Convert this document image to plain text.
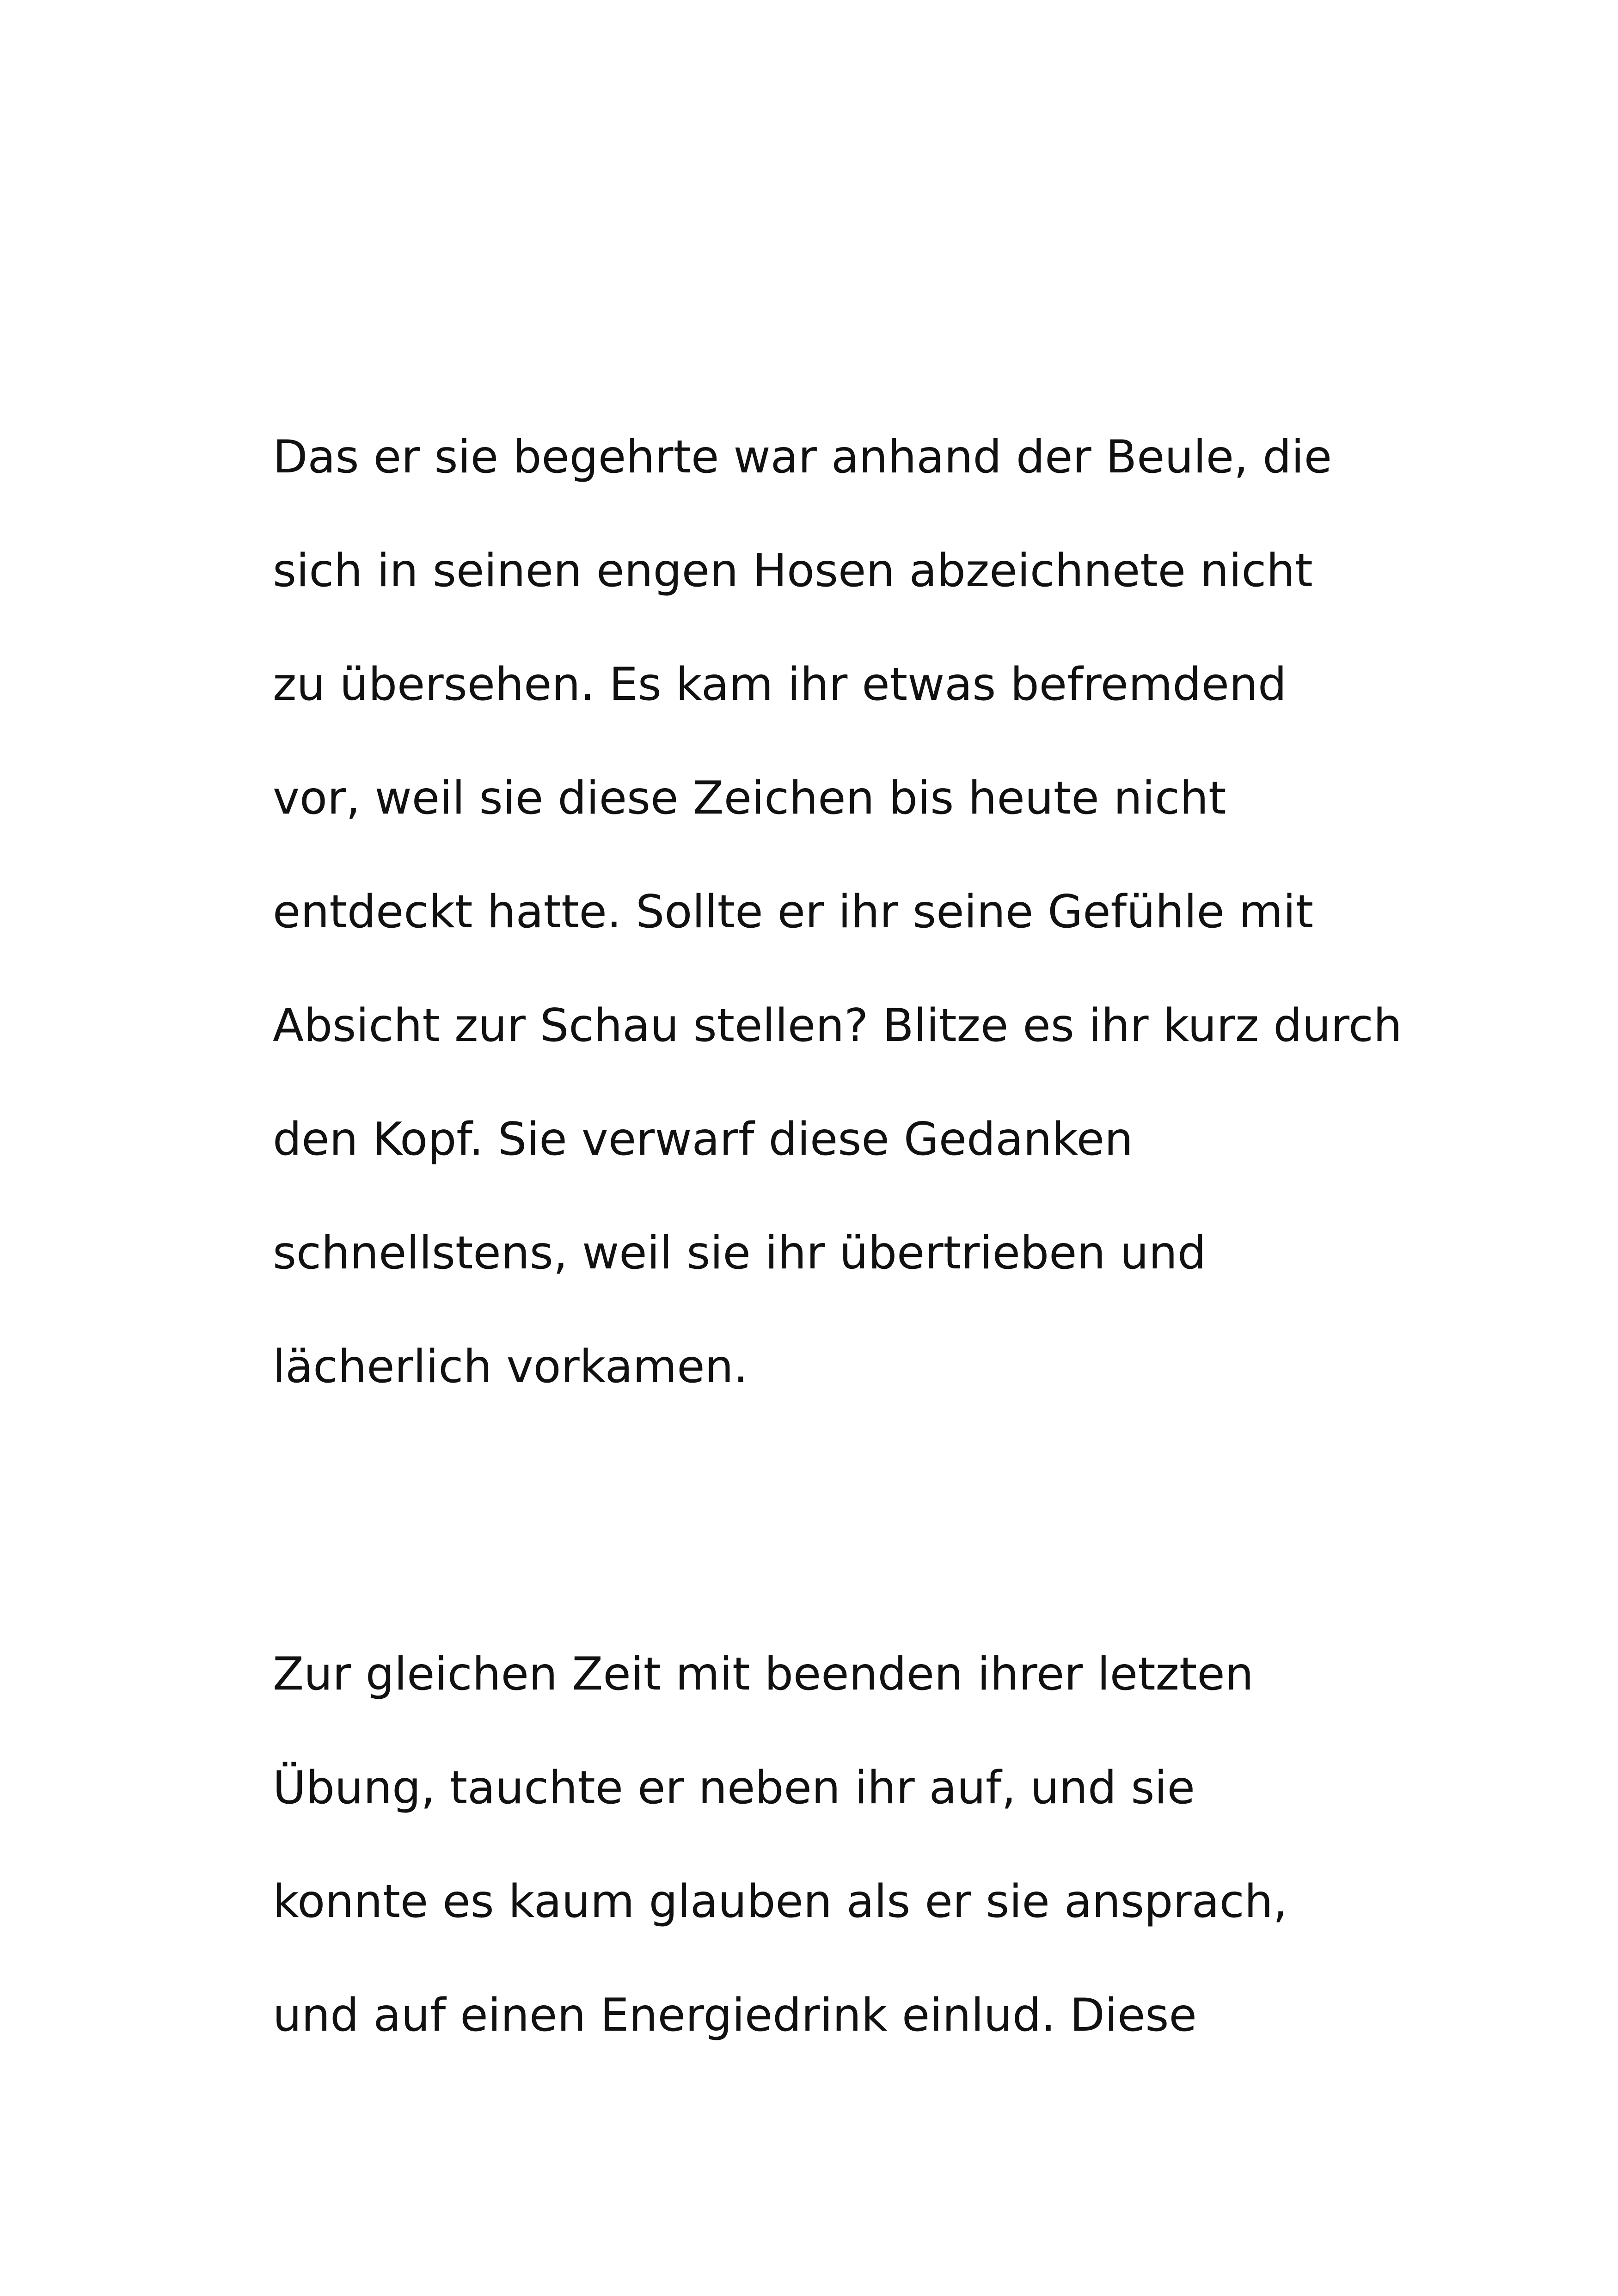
Das er sie begehrte war anhand der Beule, die
sich in seinen engen Hosen abzeichnete nicht
zu übersehen. Es kam ihr etwas befremdend
vor, weil sie diese Zeichen bis heute nicht
entdeckt hatte. Sollte er ihr seine Gefühle mit
Absicht zur Schau stellen? Blitze es ihr kurz durch
den Kopf. Sie verwarf diese Gedanken
schnellstens, weil sie ihr übertrieben und
lächerlich vorkamen.
Zur gleichen Zeit mit beenden ihrer letzten
Übung, tauchte er neben ihr auf, und sie
konnte es kaum glauben als er sie ansprach,
und auf einen Energiedrink einlud. Diese
